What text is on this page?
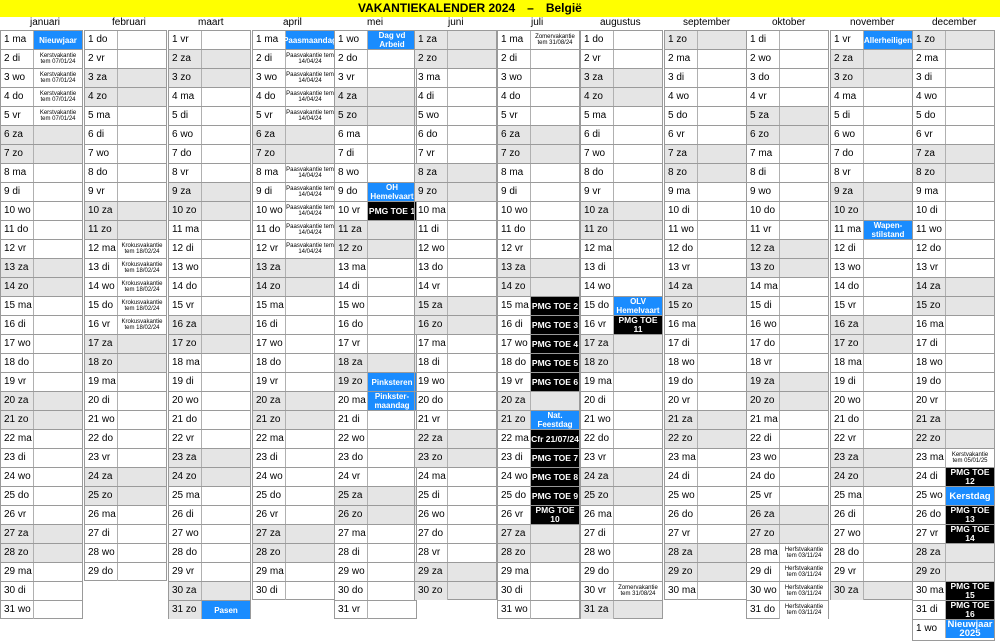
VAKANTIEKALENDER 2024 – België
januari	februari	maart	april	mei	juni	juli	augustus	september	oktober	november	december
1 ma	Nieuwjaar
2 di	Kerstvakantie tem 07/01/24
3 wo	Kerstvakantie tem 07/01/24
4 do	Kerstvakantie tem 07/01/24
5 vr	Kerstvakantie tem 07/01/24
6 za
7 zo
8 ma
9 di
10 wo
11 do
12 vr
13 za
14 zo
15 ma
16 di
17 wo
18 do
19 vr
20 za
21 zo
22 ma
23 di
24 wo
25 do
26 vr
27 za
28 zo
29 ma
30 di
31 wo
1 do
2 vr
3 za
4 zo
5 ma
6 di
7 wo
8 do
9 vr
10 za
11 zo
12 ma Krokusvakantie tem 18/02/24
13 di	Krokusvakantie tem 18/02/24
14 wo	Krokusvakantie tem 18/02/24
15 do	Krokusvakantie tem 18/02/24
16 vr	Krokusvakantie tem 18/02/24
17 za
18 zo
19 ma
20 di
21 wo
22 do
23 vr
24 za
25 zo
26 ma
27 di
28 wo
29 do
1 vr
2 za
3 zo
4 ma
5 di
6 wo
7 do
8 vr
9 za
10 zo
11 ma
12 di
13 wo
14 do
15 vr
16 za
17 zo
18 ma
19 di
20 wo
21 do
22 vr
23 za
24 zo
25 ma
26 di
27 wo
28 do
29 vr
30 za
31 zo	Pasen
1 ma Paasmaandag
2 di	Paasvakantie tem 14/04/24
3 wo	Paasvakantie tem 14/04/24
4 do	Paasvakantie tem 14/04/24
5 vr	Paasvakantie tem 14/04/24
6 za
7 zo
8 ma	Paasvakantie tem 14/04/24
9 di	Paasvakantie tem 14/04/24
10 wo Paasvakantie tem 14/04/24
11 do Paasvakantie tem 14/04/24
12 vr	Paasvakantie tem 14/04/24
13 za
14 zo
15 ma
16 di
17 wo
18 do
19 vr
20 za
21 zo
22 ma
23 di
24 wo
25 do
26 vr
27 za
28 zo
29 ma
30 di
1 wo	Dag vd Arbeid
2 do
3 vr
4 za
5 zo
6 ma
7 di
8 wo
9 do	OH Hemelvaart
10 vr	PMG TOE 1
11 za
12 zo
13 ma
14 di
15 wo
16 do
17 vr
18 za
19 zo	Pinksteren
20 ma	Pinkster-maandag
21 di
22 wo
23 do
24 vr
25 za
26 zo
27 ma
28 di
29 wo
30 do
31 vr
1 za
2 zo
3 ma
4 di
5 wo
6 do
7 vr
8 za
9 zo
10 ma
11 di
12 wo
13 do
14 vr
15 za
16 zo
17 ma
18 di
19 wo
20 do
21 vr
22 za
23 zo
24 ma
25 di
26 wo
27 do
28 vr
29 za
30 zo
1 ma	Zomervakantie tem 31/08/24
2 di
3 wo
4 do
5 vr
6 za
7 zo
8 ma
9 di
10 wo
11 do
12 vr
13 za
14 zo
15 ma PMG TOE 2
16 di	PMG TOE 3
17 wo PMG TOE 4
18 do PMG TOE 5
19 vr	PMG TOE 6
20 za
21 zo	Nat. Feestdag
22 ma Cfr 21/07/24
23 di	PMG TOE 7
24 wo PMG TOE 8
25 do PMG TOE 9
26 vr	PMG TOE 10
27 za
28 zo
29 ma
30 di
31 wo
1 do
2 vr
3 za
4 zo
5 ma
6 di
7 wo
8 do
9 vr
10 za
11 zo
12 ma
13 di
14 wo
15 do	OLV Hemelvaart
16 vr	PMG TOE 11
17 za
18 zo
19 ma
20 di
21 wo
22 do
23 vr
24 za
25 zo
26 ma
27 di
28 wo
29 do
30 vr	Zomervakantie tem 31/08/24
31 za
1 zo
2 ma
3 di
4 wo
5 do
6 vr
7 za
8 zo
9 ma
10 di
11 wo
12 do
13 vr
14 za
15 zo
16 ma
17 di
18 wo
19 do
20 vr
21 za
22 zo
23 ma
24 di
25 wo
26 do
27 vr
28 za
29 zo
30 ma
1 di
2 wo
3 do
4 vr
5 za
6 zo
7 ma
8 di
9 wo
10 do
11 vr
12 za
13 zo
14 ma
15 di
16 wo
17 do
18 vr
19 za
20 zo
21 ma
22 di
23 wo
24 do
25 vr
26 za
27 zo
28 ma	Herfstvakantie tem 03/11/24
29 di	Herfstvakantie tem 03/11/24
30 wo	Herfstvakantie tem 03/11/24
31 do	Herfstvakantie tem 03/11/24
1 vr	Allerheiligen
2 za
3 zo
4 ma
5 di
6 wo
7 do
8 vr
9 za
10 zo
11 ma	Wapen-stilstand
12 di
13 wo
14 do
15 vr
16 za
17 zo
18 ma
19 di
20 wo
21 do
22 vr
23 za
24 zo
25 ma
26 di
27 wo
28 do
29 vr
30 za
1 zo
2 ma
3 di
4 wo
5 do
6 vr
7 za
8 zo
9 ma
10 di
11 wo
12 do
13 vr
14 za
15 zo
16 ma
17 di
18 wo
19 do
20 vr
21 za
22 zo
23 ma	Kerstvakantie tem 05/01/25
24 di	PMG TOE 12
25 wo Kerstdag
26 do	PMG TOE 13
27 vr	PMG TOE 14
28 za
29 zo
30 ma PMG TOE 15
31 di	PMG TOE 16
1 wo	Nieuwjaar 2025
